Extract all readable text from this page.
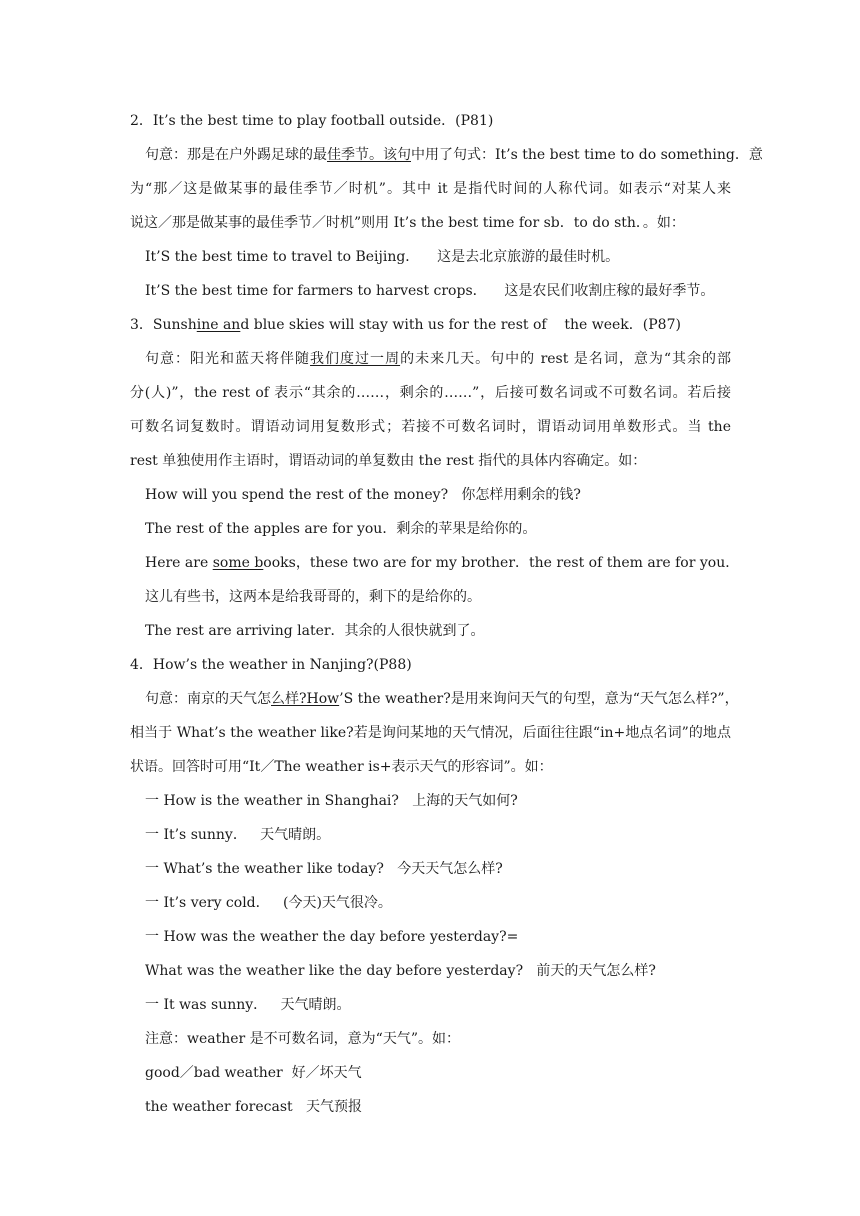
2．It’s the best time to play football outside．(P81)
句意：那是在户外踢足球的最佳季节。该句中用了句式：It’s the best time to do something．意
为“那／这是做某事的最佳季节／时机”。其中 it 是指代时间的人称代词。如表示“对某人来
说这／那是做某事的最佳季节／时机”则用 It’s the best time for sb．to do sth．。如：
It’S the best time to travel to Beijing．    这是去北京旅游的最佳时机。
It’S the best time for farmers to harvest crops．    这是农民们收割庄稼的最好季节。
3．Sunshine and blue skies will stay with us for the rest of    the week．(P87)
句意：阳光和蓝天将伴随我们度过一周的未来几天。句中的 rest 是名词，意为“其余的部
分(人)”，the rest of 表示“其余的……，剩余的……”，后接可数名词或不可数名词。若后接
可数名词复数时。谓语动词用复数形式；若接不可数名词时，谓语动词用单数形式。当 the
rest 单独使用作主语时，谓语动词的单复数由 the rest 指代的具体内容确定。如：
How will you spend the rest of the money?   你怎样用剩余的钱?
The rest of the apples are for you．剩余的苹果是给你的。
Here are some books，these two are for my brother．the rest of them are for you．
这儿有些书，这两本是给我哥哥的，剩下的是给你的。
The rest are arriving later．其余的人很快就到了。
4．How’s the weather in Nanjing?(P88)
句意：南京的天气怎么样?How’S the weather?是用来询问天气的句型，意为“天气怎么样?”，
相当于 What’s the weather like?若是询问某地的天气情况，后面往往跟“in+地点名词”的地点
状语。回答时可用“It／The weather is+表示天气的形容词”。如：
一 How is the weather in Shanghai?   上海的天气如何?
一 It’s sunny．   天气晴朗。
一 What’s the weather like today?   今天天气怎么样?
一 It’s very cold．   (今天)天气很冷。
一 How was the weather the day before yesterday?=
What was the weather like the day before yesterday?   前天的天气怎么样?
一 It was sunny．   天气晴朗。
注意：weather 是不可数名词，意为“天气”。如：
good／bad weather  好／坏天气
the weather forecast   天气预报
